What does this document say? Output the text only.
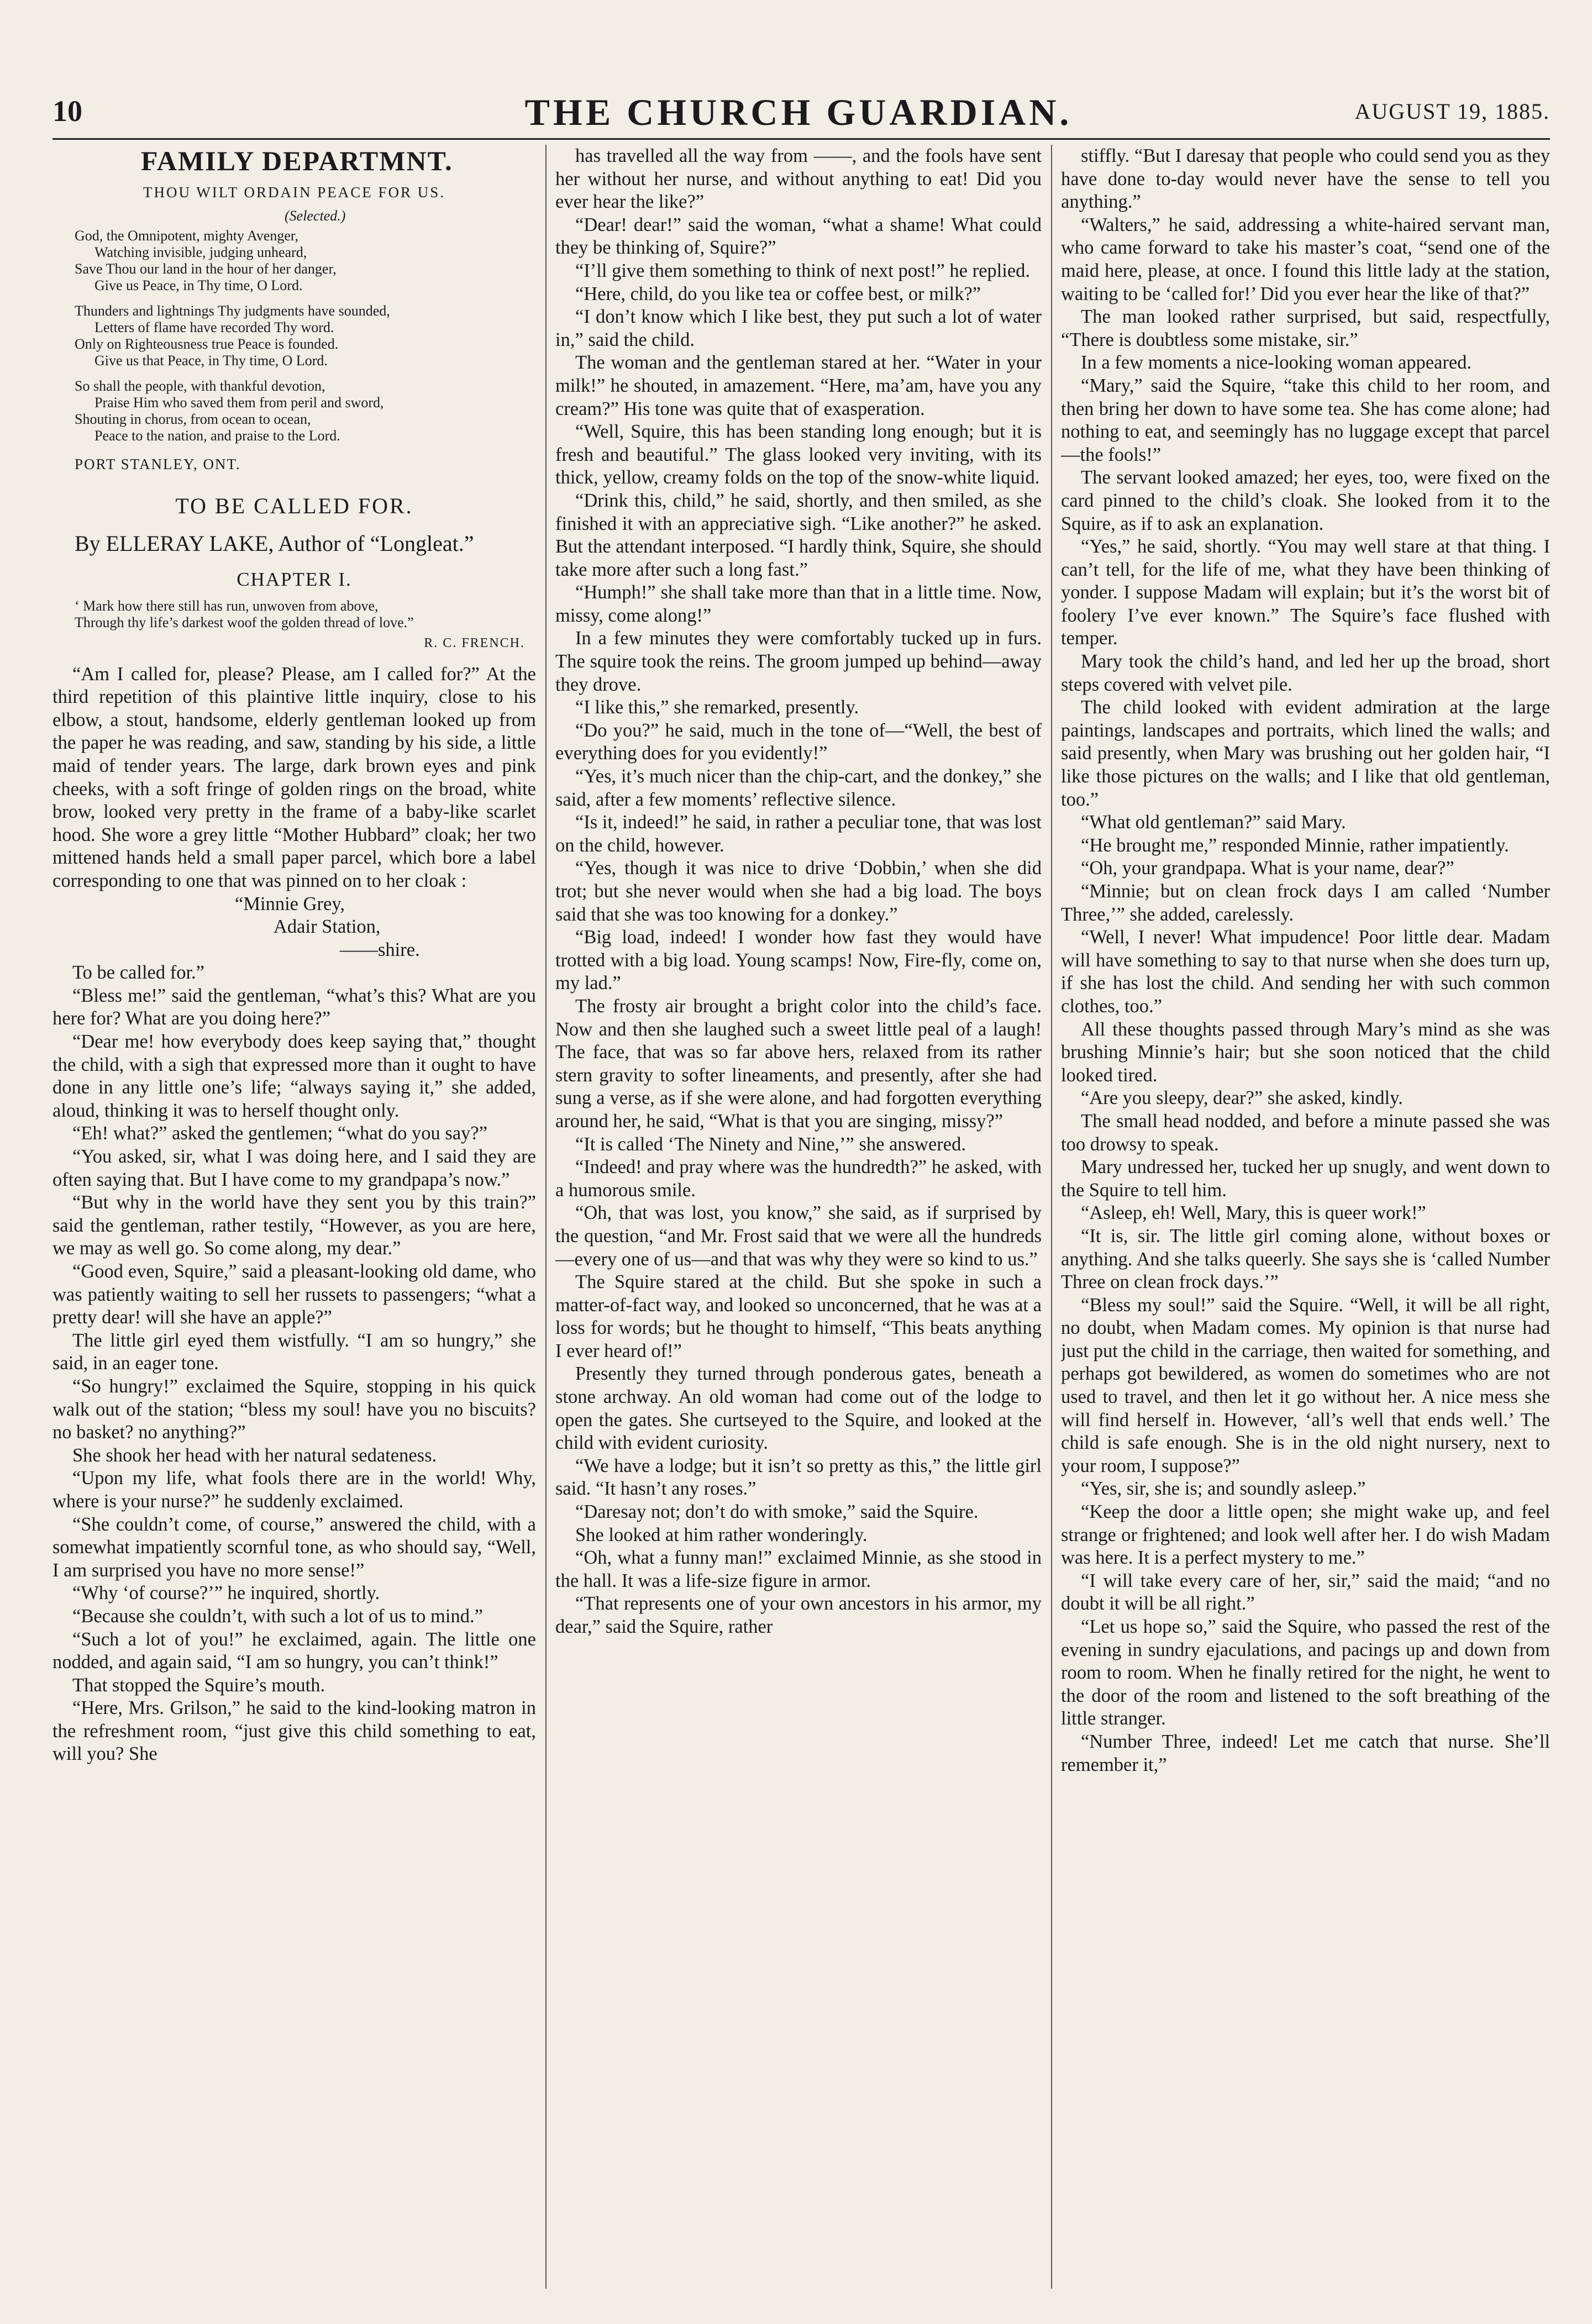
10	THE CHURCH GUARDIAN.	AUGUST 19, 1885.
FAMILY DEPARTMNT.
THOU WILT ORDAIN PEACE FOR US.
(Selected.)
God, the Omnipotent, mighty Avenger,
Watching invisible, judging unheard,
Save Thou our land in the hour of her danger,
Give us Peace, in Thy time, O Lord.
Thunders and lightnings Thy judgments have sounded,
Letters of flame have recorded Thy word.
Only on Righteousness true Peace is founded.
Give us that Peace, in Thy time, O Lord.
So shall the people, with thankful devotion,
Praise Him who saved them from peril and sword,
Shouting in chorus, from ocean to ocean,
Peace to the nation, and praise to the Lord.
PORT STANLEY, ONT.
TO BE CALLED FOR.
By ELLERAY LAKE, Author of “Longleat.”
CHAPTER I.
‘ Mark how there still has run, unwoven from above,
Through thy life’s darkest woof the golden thread of love.”
R. C. FRENCH.

“Am I called for, please? Please, am I called for?” At the third repetition of this plaintive little inquiry, close to his elbow, a stout, handsome, elderly gentleman looked up from the paper he was reading, and saw, standing by his side, a little maid of tender years. The large, dark brown eyes and pink cheeks, with a soft fringe of golden rings on the broad, white brow, looked very pretty in the frame of a baby-like scarlet hood. She wore a grey little “Mother Hubbard” cloak; her two mittened hands held a small paper parcel, which bore a label corresponding to one that was pinned on to her cloak :

“Minnie Grey,

Adair Station,

——shire.

To be called for.”

“Bless me!” said the gentleman, “what’s this? What are you here for? What are you doing here?”

“Dear me! how everybody does keep saying that,” thought the child, with a sigh that expressed more than it ought to have done in any little one’s life; “always saying it,” she added, aloud, thinking it was to herself thought only.

“Eh! what?” asked the gentlemen; “what do you say?”

“You asked, sir, what I was doing here, and I said they are often saying that. But I have come to my grandpapa’s now.”

“But why in the world have they sent you by this train?” said the gentleman, rather testily, “However, as you are here, we may as well go. So come along, my dear.”

“Good even, Squire,” said a pleasant-looking old dame, who was patiently waiting to sell her russets to passengers; “what a pretty dear! will she have an apple?”

The little girl eyed them wistfully. “I am so hungry,” she said, in an eager tone.

“So hungry!” exclaimed the Squire, stopping in his quick walk out of the station; “bless my soul! have you no biscuits? no basket? no anything?”

She shook her head with her natural sedateness.

“Upon my life, what fools there are in the world! Why, where is your nurse?” he suddenly exclaimed.

“She couldn’t come, of course,” answered the child, with a somewhat impatiently scornful tone, as who should say, “Well, I am surprised you have no more sense!”

“Why ‘of course?’” he inquired, shortly.

“Because she couldn’t, with such a lot of us to mind.”

“Such a lot of you!” he exclaimed, again. The little one nodded, and again said, “I am so hungry, you can’t think!”

That stopped the Squire’s mouth.

“Here, Mrs. Grilson,” he said to the kind-looking matron in the refreshment room, “just give this child something to eat, will you? She

has travelled all the way from ——, and the fools have sent her without her nurse, and without anything to eat! Did you ever hear the like?”

“Dear! dear!” said the woman, “what a shame! What could they be thinking of, Squire?”

“I’ll give them something to think of next post!” he replied.

“Here, child, do you like tea or coffee best, or milk?”

“I don’t know which I like best, they put such a lot of water in,” said the child.

The woman and the gentleman stared at her. “Water in your milk!” he shouted, in amazement. “Here, ma’am, have you any cream?” His tone was quite that of exasperation.

“Well, Squire, this has been standing long enough; but it is fresh and beautiful.” The glass looked very inviting, with its thick, yellow, creamy folds on the top of the snow-white liquid.

“Drink this, child,” he said, shortly, and then smiled, as she finished it with an appreciative sigh. “Like another?” he asked. But the attendant interposed. “I hardly think, Squire, she should take more after such a long fast.”

“Humph!” she shall take more than that in a little time. Now, missy, come along!”

In a few minutes they were comfortably tucked up in furs. The squire took the reins. The groom jumped up behind—away they drove.

“I like this,” she remarked, presently.

“Do you?” he said, much in the tone of—“Well, the best of everything does for you evidently!”

“Yes, it’s much nicer than the chip-cart, and the donkey,” she said, after a few moments’ reflective silence.

“Is it, indeed!” he said, in rather a peculiar tone, that was lost on the child, however.

“Yes, though it was nice to drive ‘Dobbin,’ when she did trot; but she never would when she had a big load. The boys said that she was too knowing for a donkey.”

“Big load, indeed! I wonder how fast they would have trotted with a big load. Young scamps! Now, Fire-fly, come on, my lad.”

The frosty air brought a bright color into the child’s face. Now and then she laughed such a sweet little peal of a laugh! The face, that was so far above hers, relaxed from its rather stern gravity to softer lineaments, and presently, after she had sung a verse, as if she were alone, and had forgotten everything around her, he said, “What is that you are singing, missy?”

“It is called ‘The Ninety and Nine,’” she answered.

“Indeed! and pray where was the hundredth?” he asked, with a humorous smile.

“Oh, that was lost, you know,” she said, as if surprised by the question, “and Mr. Frost said that we were all the hundreds—every one of us—and that was why they were so kind to us.”

The Squire stared at the child. But she spoke in such a matter-of-fact way, and looked so unconcerned, that he was at a loss for words; but he thought to himself, “This beats anything I ever heard of!”

Presently they turned through ponderous gates, beneath a stone archway. An old woman had come out of the lodge to open the gates. She curtseyed to the Squire, and looked at the child with evident curiosity.

“We have a lodge; but it isn’t so pretty as this,” the little girl said. “It hasn’t any roses.”

“Daresay not; don’t do with smoke,” said the Squire.

She looked at him rather wonderingly.

“Oh, what a funny man!” exclaimed Minnie, as she stood in the hall. It was a life-size figure in armor.

“That represents one of your own ancestors in his armor, my dear,” said the Squire, rather

stiffly. “But I daresay that people who could send you as they have done to-day would never have the sense to tell you anything.”

“Walters,” he said, addressing a white-haired servant man, who came forward to take his master’s coat, “send one of the maid here, please, at once. I found this little lady at the station, waiting to be ‘called for!’ Did you ever hear the like of that?”

The man looked rather surprised, but said, respectfully, “There is doubtless some mistake, sir.”

In a few moments a nice-looking woman appeared.

“Mary,” said the Squire, “take this child to her room, and then bring her down to have some tea. She has come alone; had nothing to eat, and seemingly has no luggage except that parcel—the fools!”

The servant looked amazed; her eyes, too, were fixed on the card pinned to the child’s cloak. She looked from it to the Squire, as if to ask an explanation.

“Yes,” he said, shortly. “You may well stare at that thing. I can’t tell, for the life of me, what they have been thinking of yonder. I suppose Madam will explain; but it’s the worst bit of foolery I’ve ever known.” The Squire’s face flushed with temper.

Mary took the child’s hand, and led her up the broad, short steps covered with velvet pile.

The child looked with evident admiration at the large paintings, landscapes and portraits, which lined the walls; and said presently, when Mary was brushing out her golden hair, “I like those pictures on the walls; and I like that old gentleman, too.”

“What old gentleman?” said Mary.

“He brought me,” responded Minnie, rather impatiently.

“Oh, your grandpapa. What is your name, dear?”

“Minnie; but on clean frock days I am called ‘Number Three,’” she added, carelessly.

“Well, I never! What impudence! Poor little dear. Madam will have something to say to that nurse when she does turn up, if she has lost the child. And sending her with such common clothes, too.”

All these thoughts passed through Mary’s mind as she was brushing Minnie’s hair; but she soon noticed that the child looked tired.

“Are you sleepy, dear?” she asked, kindly.

The small head nodded, and before a minute passed she was too drowsy to speak.

Mary undressed her, tucked her up snugly, and went down to the Squire to tell him.

“Asleep, eh! Well, Mary, this is queer work!”

“It is, sir. The little girl coming alone, without boxes or anything. And she talks queerly. She says she is ‘called Number Three on clean frock days.’”

“Bless my soul!” said the Squire. “Well, it will be all right, no doubt, when Madam comes. My opinion is that nurse had just put the child in the carriage, then waited for something, and perhaps got bewildered, as women do sometimes who are not used to travel, and then let it go without her. A nice mess she will find herself in. However, ‘all’s well that ends well.’ The child is safe enough. She is in the old night nursery, next to your room, I suppose?”

“Yes, sir, she is; and soundly asleep.”

“Keep the door a little open; she might wake up, and feel strange or frightened; and look well after her. I do wish Madam was here. It is a perfect mystery to me.”

“I will take every care of her, sir,” said the maid; “and no doubt it will be all right.”

“Let us hope so,” said the Squire, who passed the rest of the evening in sundry ejaculations, and pacings up and down from room to room. When he finally retired for the night, he went to the door of the room and listened to the soft breathing of the little stranger.

“Number Three, indeed! Let me catch that nurse. She’ll remember it,”
